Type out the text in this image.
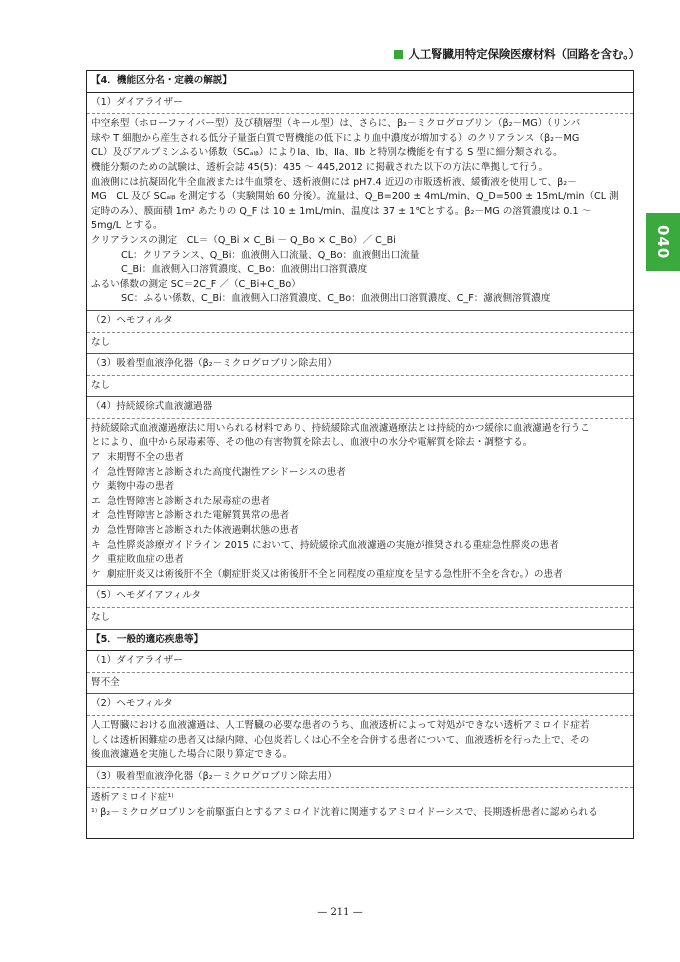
人工腎臓用特定保険医療材料（回路を含む。）
040
【4．機能区分名・定義の解説】
（1）ダイアライザー

中空糸型（ホローファイバー型）及び積層型（キール型）は、さらに、β₂－ミクログロブリン（β₂－MG）（リンパ

球や T 細胞から産生される低分子量蛋白質で腎機能の低下により血中濃度が増加する）のクリアランス（β₂－MG

CL）及びアルブミンふるい係数（SCₐₗᵦ）によりⅠa、Ⅰb、Ⅱa、Ⅱb と特別な機能を有する S 型に細分類される。

機能分類のための試験は、透析会誌 45(5)：435 ～ 445,2012 に掲載された以下の方法に準拠して行う。

血液側には抗凝固化牛全血液または牛血漿を、透析液側には pH7.4 近辺の市販透析液、緩衝液を使用して、β₂－

MG　CL 及び SCₐₗᵦ を測定する（実験開始 60 分後）。流量は、Q_B=200 ± 4mL/min、Q_D=500 ± 15mL/min（CL 測

定時のみ）、膜面積 1m² あたりの Q_F は 10 ± 1mL/min、温度は 37 ± 1℃とする。β₂－MG の溶質濃度は 0.1 ～

5mg/L とする。

クリアランスの測定　CL＝（Q_Bi × C_Bi － Q_Bo × C_Bo）／ C_Bi

CL：クリアランス、Q_Bi：血液側入口流量、Q_Bo：血液側出口流量

C_Bi：血液側入口溶質濃度、C_Bo：血液側出口溶質濃度

ふるい係数の測定 SC＝2C_F ／（C_Bi+C_Bo）

SC：ふるい係数、C_Bi：血液側入口溶質濃度、C_Bo：血液側出口溶質濃度、C_F：濾液側溶質濃度

（2）ヘモフィルタ
なし
（3）吸着型血液浄化器（β₂－ミクログロブリン除去用）
なし
（4）持続緩徐式血液濾過器

持続緩除式血液濾過療法に用いられる材料であり、持続緩除式血液濾過療法とは持続的かつ緩徐に血液濾過を行うこ

とにより、血中から尿毒素等、その他の有害物質を除去し、血液中の水分や電解質を除去・調整する。

ア 末期腎不全の患者
イ 急性腎障害と診断された高度代謝性アシドーシスの患者
ウ 薬物中毒の患者
エ 急性腎障害と診断された尿毒症の患者
オ 急性腎障害と診断された電解質異常の患者
カ 急性腎障害と診断された体液過剰状態の患者
キ 急性膵炎診療ガイドライン 2015 において、持続緩徐式血液濾過の実施が推奨される重症急性膵炎の患者
ク 重症敗血症の患者
ケ 劇症肝炎又は術後肝不全（劇症肝炎又は術後肝不全と同程度の重症度を呈する急性肝不全を含む。）の患者
（5）ヘモダイアフィルタ
なし
【5．一般的適応疾患等】
（1）ダイアライザー
腎不全
（2）ヘモフィルタ

人工腎臓における血液濾過は、人工腎臓の必要な患者のうち、血液透析によって対処ができない透析アミロイド症若

しくは透析困難症の患者又は緑内障、心包炎若しくは心不全を合併する患者について、血液透析を行った上で、その

後血液濾過を実施した場合に限り算定できる。

（3）吸着型血液浄化器（β₂－ミクログロブリン除去用）

透析アミロイド症¹⁾

¹⁾ β₂－ミクログロブリンを前駆蛋白とするアミロイド沈着に関連するアミロイドーシスで、長期透析患者に認められる

— 211 —
